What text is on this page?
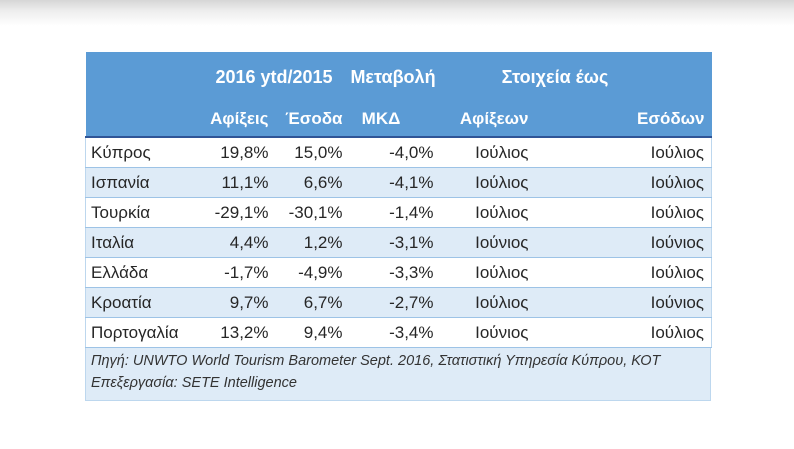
	2016 ytd/2015		Μεταβολή	Στοιχεία έως	
	Αφίξεις	Έσοδα	ΜΚΔ	Αφίξεων	Εσόδων
Κύπρος	19,8%	15,0%	-4,0%	Ιούλιος	Ιούλιος
Ισπανία	11,1%	6,6%	-4,1%	Ιούλιος	Ιούλιος
Τουρκία	-29,1%	-30,1%	-1,4%	Ιούλιος	Ιούλιος
Ιταλία	4,4%	1,2%	-3,1%	Ιούνιος	Ιούνιος
Ελλάδα	-1,7%	-4,9%	-3,3%	Ιούλιος	Ιούλιος
Κροατία	9,7%	6,7%	-2,7%	Ιούλιος	Ιούνιος
Πορτογαλία	13,2%	9,4%	-3,4%	Ιούνιος	Ιούλιος
Πηγή: UNWTO World Tourism Barometer Sept. 2016, Στατιστική Υπηρεσία Κύπρου, ΚΟΤ
Επεξεργασία: SETE Intelligence
